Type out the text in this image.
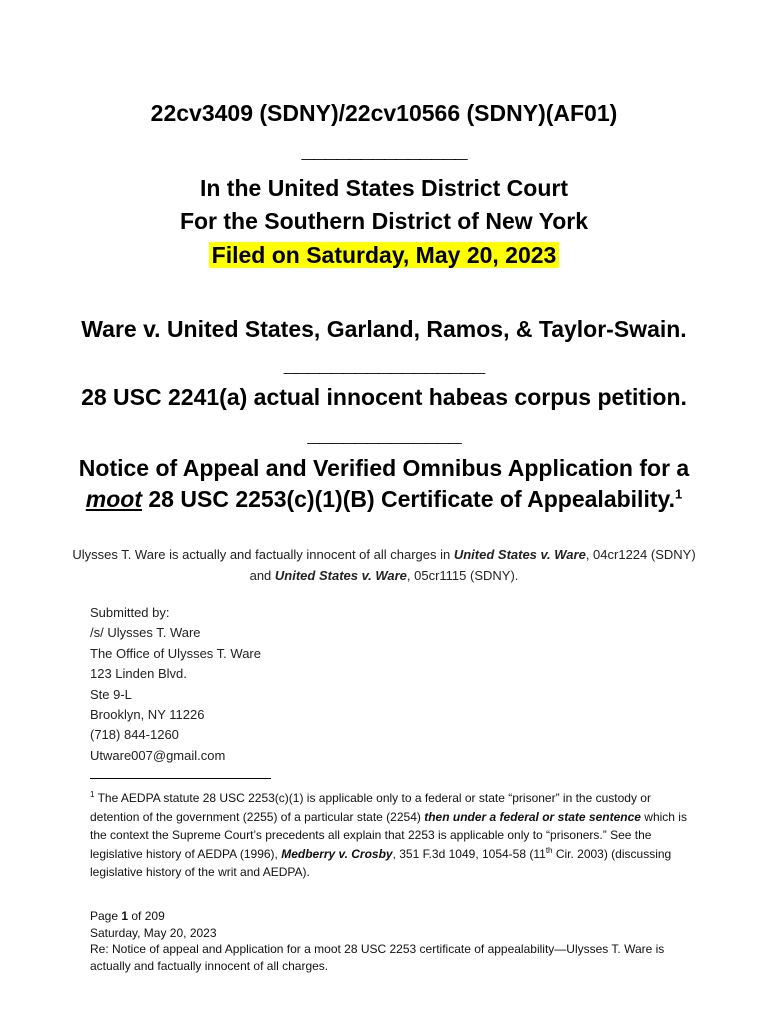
22cv3409 (SDNY)/22cv10566 (SDNY)(AF01)

______________

In the United States District Court

For the Southern District of New York

Filed on Saturday, May 20, 2023

Ware v. United States, Garland, Ramos, & Taylor-Swain.

_________________

28 USC 2241(a) actual innocent habeas corpus petition.

_____________

Notice of Appeal and Verified Omnibus Application for a

moot 28 USC 2253(c)(1)(B) Certificate of Appealability.$^1$

Ulysses T. Ware is actually and factually innocent of all charges in United States v. Ware, 04cr1224 (SDNY) and United States v. Ware, 05cr1115 (SDNY).
Submitted by:
/s/ Ulysses T. Ware
The Office of Ulysses T. Ware
123 Linden Blvd.
Ste 9-L
Brooklyn, NY 11226
(718) 844-1260
Utware007@gmail.com
$^1$ The AEDPA statute 28 USC 2253(c)(1) is applicable only to a federal or state “prisoner” in the custody or detention of the government (2255) of a particular state (2254) then under a federal or state sentence which is the context the Supreme Court’s precedents all explain that 2253 is applicable only to “prisoners.” See the legislative history of AEDPA (1996), Medberry v. Crosby, 351 F.3d 1049, 1054-58 (11th Cir. 2003) (discussing legislative history of the writ and AEDPA).
Page 1 of 209
Saturday, May 20, 2023
Re: Notice of appeal and Application for a moot 28 USC 2253 certificate of appealability—Ulysses T. Ware is actually and factually innocent of all charges.
